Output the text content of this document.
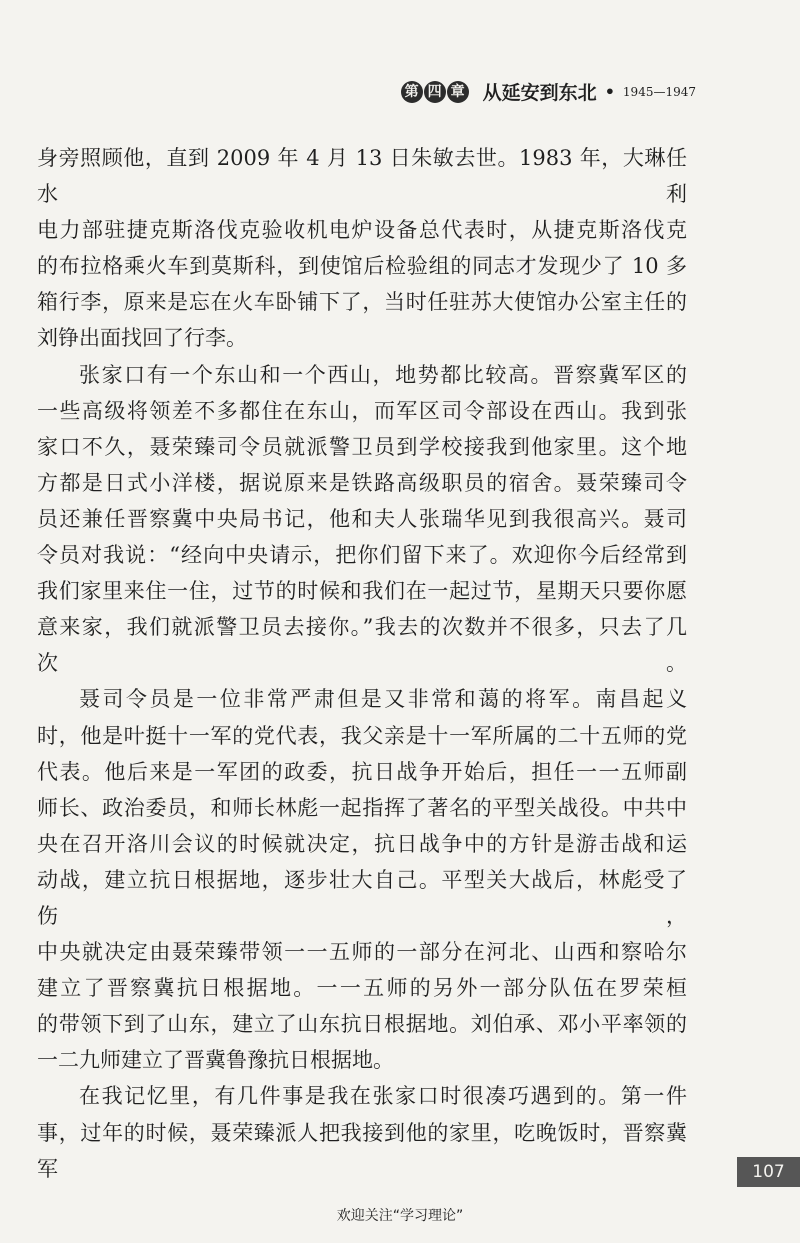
第 四 章 从延安到东北 • 1945—1947

身旁照顾他，直到 2009 年 4 月 13 日朱敏去世。1983 年，大琳任水利

电力部驻捷克斯洛伐克验收机电炉设备总代表时，从捷克斯洛伐克

的布拉格乘火车到莫斯科，到使馆后检验组的同志才发现少了 10 多

箱行李，原来是忘在火车卧铺下了，当时任驻苏大使馆办公室主任的

刘铮出面找回了行李。

张家口有一个东山和一个西山，地势都比较高。晋察冀军区的

一些高级将领差不多都住在东山，而军区司令部设在西山。我到张

家口不久，聂荣臻司令员就派警卫员到学校接我到他家里。这个地

方都是日式小洋楼，据说原来是铁路高级职员的宿舍。聂荣臻司令

员还兼任晋察冀中央局书记，他和夫人张瑞华见到我很高兴。聂司

令员对我说：“经向中央请示，把你们留下来了。欢迎你今后经常到

我们家里来住一住，过节的时候和我们在一起过节，星期天只要你愿

意来家，我们就派警卫员去接你。”我去的次数并不很多，只去了几次。

聂司令员是一位非常严肃但是又非常和蔼的将军。南昌起义

时，他是叶挺十一军的党代表，我父亲是十一军所属的二十五师的党

代表。他后来是一军团的政委，抗日战争开始后，担任一一五师副

师长、政治委员，和师长林彪一起指挥了著名的平型关战役。中共中

央在召开洛川会议的时候就决定，抗日战争中的方针是游击战和运

动战，建立抗日根据地，逐步壮大自己。平型关大战后，林彪受了伤，

中央就决定由聂荣臻带领一一五师的一部分在河北、山西和察哈尔

建立了晋察冀抗日根据地。一一五师的另外一部分队伍在罗荣桓

的带领下到了山东，建立了山东抗日根据地。刘伯承、邓小平率领的

一二九师建立了晋冀鲁豫抗日根据地。

在我记忆里，有几件事是我在张家口时很凑巧遇到的。第一件

事，过年的时候，聂荣臻派人把我接到他的家里，吃晚饭时，晋察冀军	107
欢迎关注“学习理论”
